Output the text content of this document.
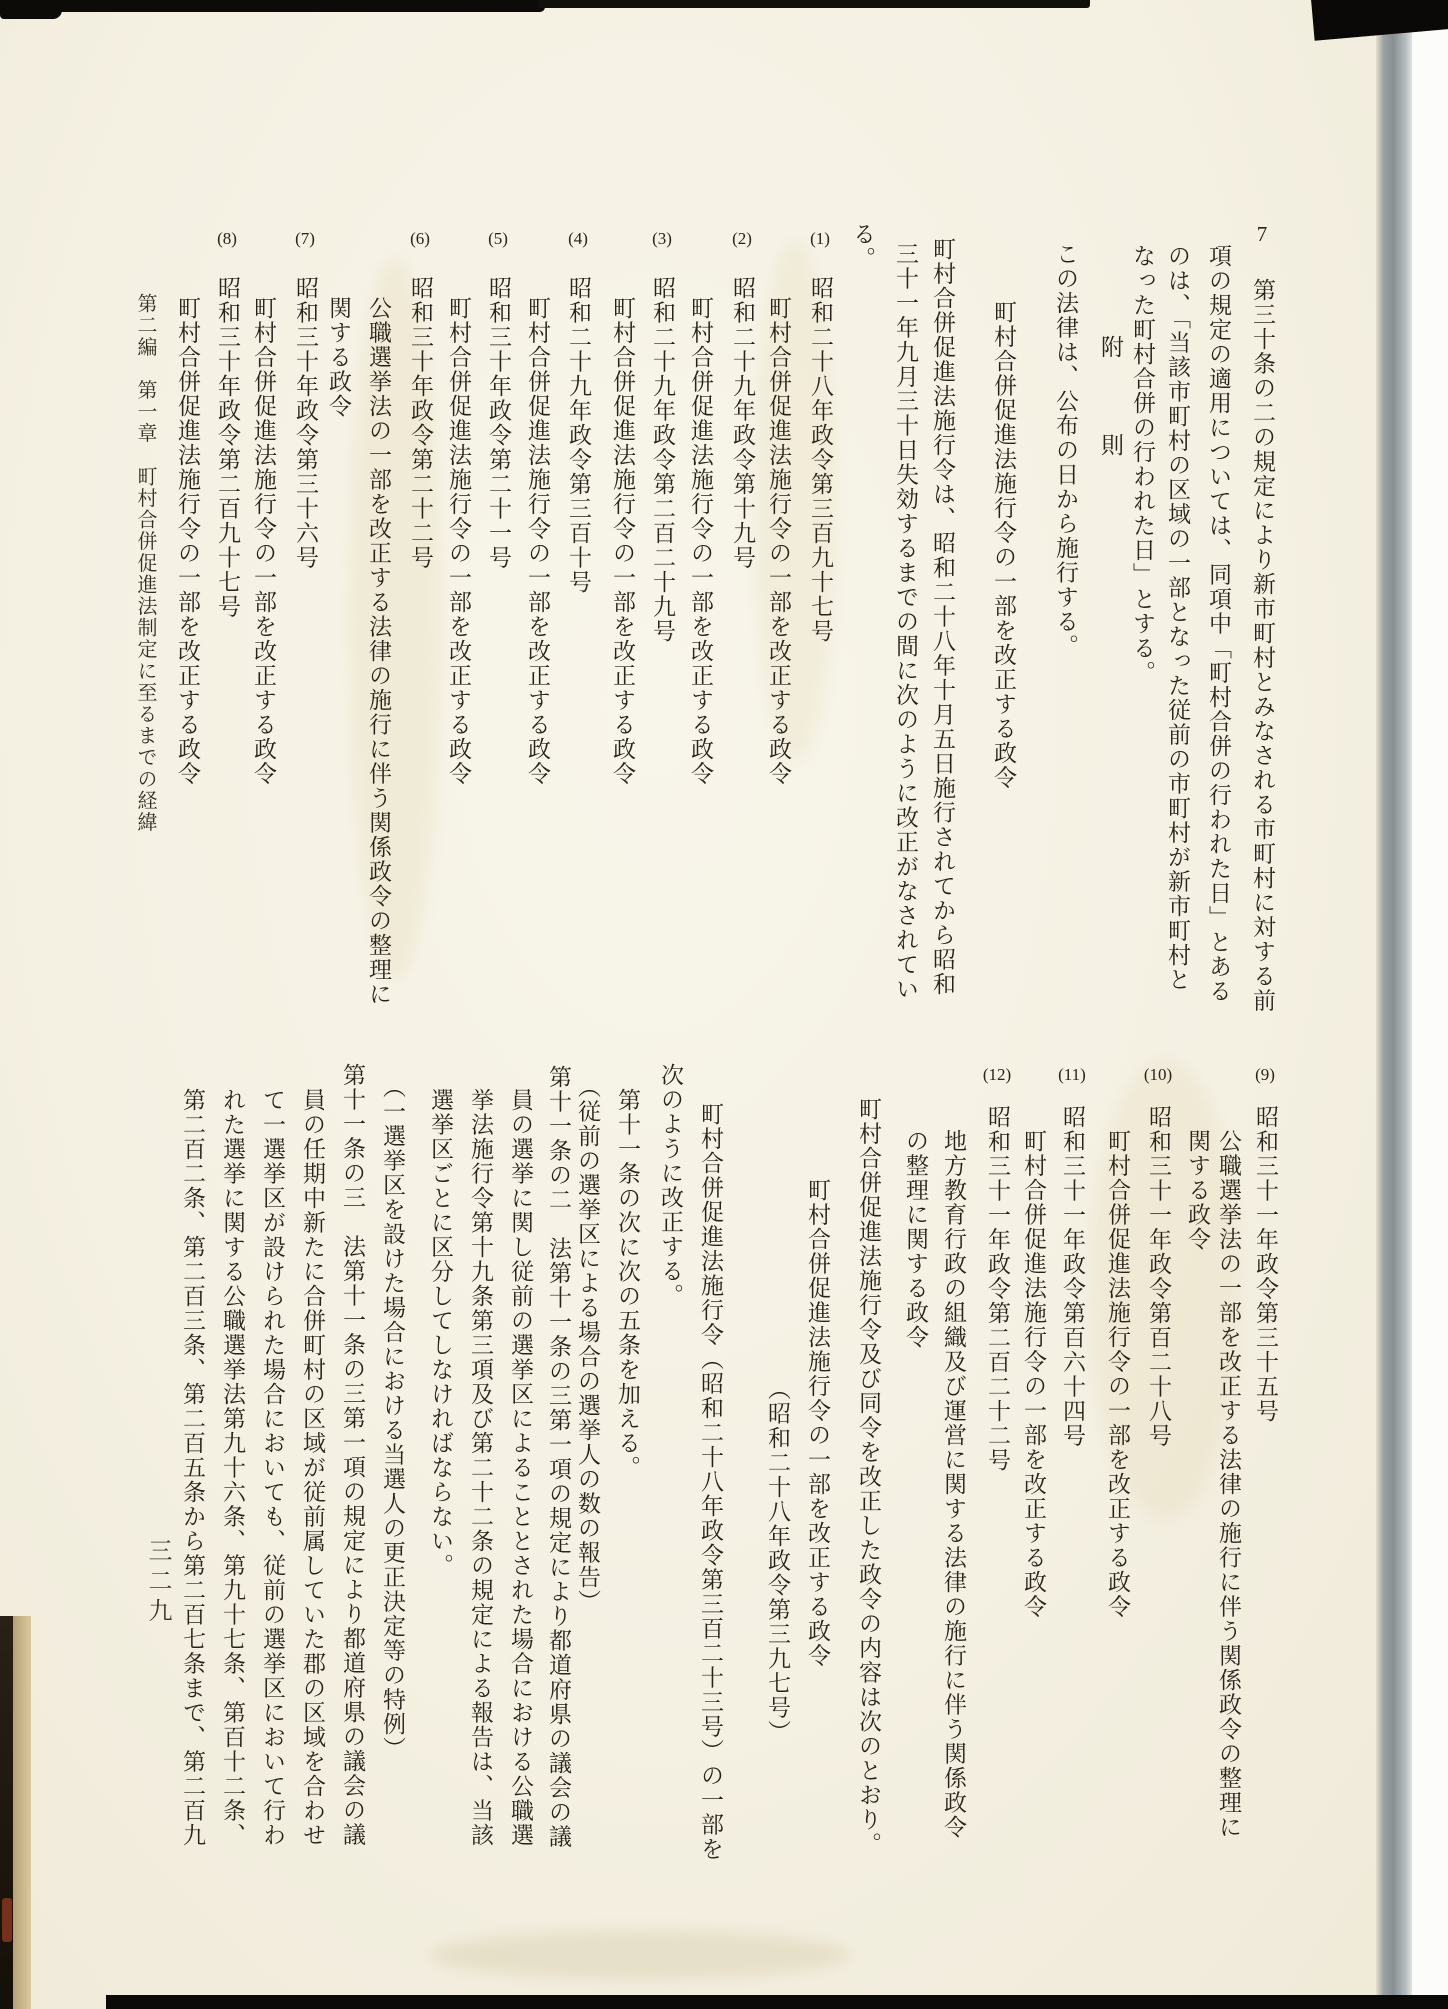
7
第三十条の二の規定により新市町村とみなされる市町村に対する前
項の規定の適用については、同項中「町村合併の行われた日」とある
のは、「当該市町村の区域の一部となった従前の市町村が新市町村と
なった町村合併の行われた日」とする。
附　　　則
この法律は、公布の日から施行する。
町村合併促進法施行令の一部を改正する政令
町村合併促進法施行令は、昭和二十八年十月五日施行されてから昭和
三十一年九月三十日失効するまでの間に次のように改正がなされてい
る。
(1)
昭和二十八年政令第三百九十七号
町村合併促進法施行令の一部を改正する政令
(2)
昭和二十九年政令第十九号
町村合併促進法施行令の一部を改正する政令
(3)
昭和二十九年政令第二百二十九号
町村合併促進法施行令の一部を改正する政令
(4)
昭和二十九年政令第三百十号
町村合併促進法施行令の一部を改正する政令
(5)
昭和三十年政令第二十一号
町村合併促進法施行令の一部を改正する政令
(6)
昭和三十年政令第二十二号
公職選挙法の一部を改正する法律の施行に伴う関係政令の整理に
関する政令
(7)
昭和三十年政令第三十六号
町村合併促進法施行令の一部を改正する政令
(8)
昭和三十年政令第二百九十七号
町村合併促進法施行令の一部を改正する政令
第二編　第一章　町村合併促進法制定に至るまでの経緯
(9)
昭和三十一年政令第三十五号
公職選挙法の一部を改正する法律の施行に伴う関係政令の整理に
関する政令
(10)
昭和三十一年政令第百二十八号
町村合併促進法施行令の一部を改正する政令
(11)
昭和三十一年政令第百六十四号
町村合併促進法施行令の一部を改正する政令
(12)
昭和三十一年政令第二百二十二号
地方教育行政の組織及び運営に関する法律の施行に伴う関係政令
の整理に関する政令
町村合併促進法施行令及び同令を改正した政令の内容は次のとおり。
町村合併促進法施行令の一部を改正する政令
（昭和二十八年政令第三九七号）
町村合併促進法施行令（昭和二十八年政令第三百二十三号）の一部を
次のように改正する。
第十一条の次に次の五条を加える。
（従前の選挙区による場合の選挙人の数の報告）
第十一条の二　法第十一条の三第一項の規定により都道府県の議会の議
員の選挙に関し従前の選挙区によることとされた場合における公職選
挙法施行令第十九条第三項及び第二十二条の規定による報告は、当該
選挙区ごとに区分してしなければならない。
（一選挙区を設けた場合における当選人の更正決定等の特例）
第十一条の三　法第十一条の三第一項の規定により都道府県の議会の議
員の任期中新たに合併町村の区域が従前属していた郡の区域を合わせ
て一選挙区が設けられた場合においても、従前の選挙区において行わ
れた選挙に関する公職選挙法第九十六条、第九十七条、第百十二条、
第二百二条、第二百三条、第二百五条から第二百七条まで、第二百九
三二九
